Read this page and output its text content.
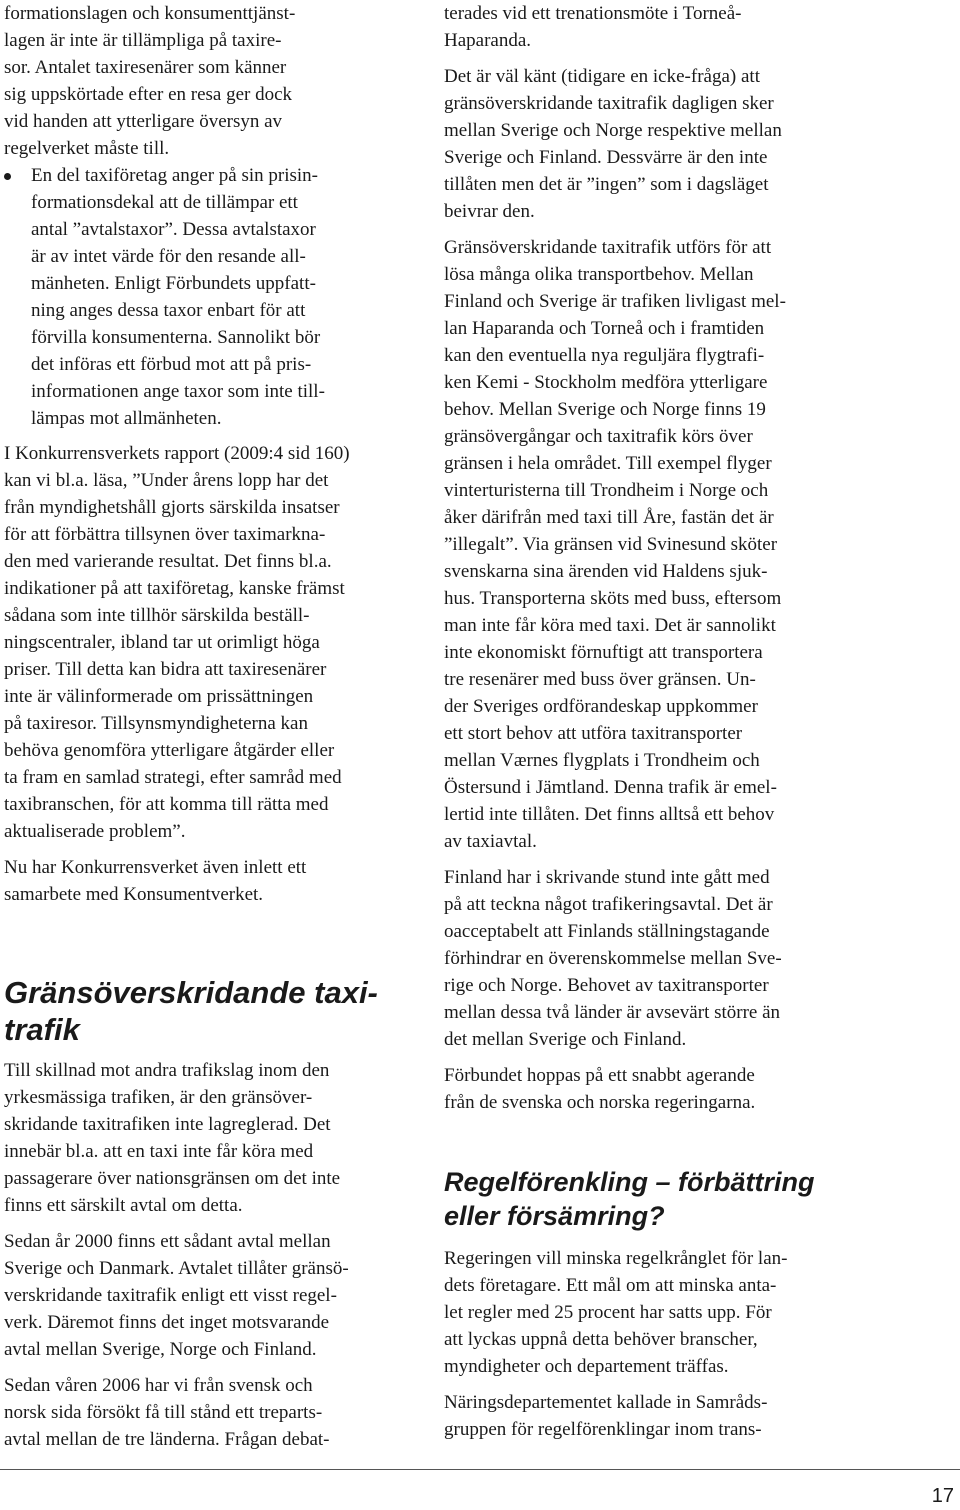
formationslagen och konsumenttjänst-
lagen är inte är tillämpliga på taxire-
sor. Antalet taxiresenärer som känner
sig uppskörtade efter en resa ger dock
vid handen att ytterligare översyn av
regelverket måste till.

En del taxiföretag anger på sin prisin-
formationsdekal att de tillämpar ett
antal ”avtalstaxor”. Dessa avtalstaxor
är av intet värde för den resande all-
mänheten. Enligt Förbundets uppfatt-
ning anges dessa taxor enbart för att
förvilla konsumenterna. Sannolikt bör
det införas ett förbud mot att på pris-
informationen ange taxor som inte till-
lämpas mot allmänheten.

I Konkurrensverkets rapport (2009:4 sid 160)
kan vi bl.a. läsa, ”Under årens lopp har det
från myndighetshåll gjorts särskilda insatser
för att förbättra tillsynen över taximarkna-
den med varierande resultat. Det finns bl.a.
indikationer på att taxiföretag, kanske främst
sådana som inte tillhör särskilda beställ-
ningscentraler, ibland tar ut orimligt höga
priser. Till detta kan bidra att taxiresenärer
inte är välinformerade om prissättningen
på taxiresor. Tillsynsmyndigheterna kan
behöva genomföra ytterligare åtgärder eller
ta fram en samlad strategi, efter samråd med
taxibranschen, för att komma till rätta med
aktualiserade problem”.

Nu har Konkurrensverket även inlett ett
samarbete med Konsumentverket.

Gränsöverskridande taxi-
trafik

Till skillnad mot andra trafikslag inom den
yrkesmässiga trafiken, är den gränsöver-
skridande taxitrafiken inte lagreglerad. Det
innebär bl.a. att en taxi inte får köra med
passagerare över nationsgränsen om det inte
finns ett särskilt avtal om detta.

Sedan år 2000 finns ett sådant avtal mellan
Sverige och Danmark. Avtalet tillåter gränsö-
verskridande taxitrafik enligt ett visst regel-
verk. Däremot finns det inget motsvarande
avtal mellan Sverige, Norge och Finland.

Sedan våren 2006 har vi från svensk och
norsk sida försökt få till stånd ett treparts-
avtal mellan de tre länderna. Frågan debat-

terades vid ett trenationsmöte i Torneå-
Haparanda.

Det är väl känt (tidigare en icke-fråga) att
gränsöverskridande taxitrafik dagligen sker
mellan Sverige och Norge respektive mellan
Sverige och Finland. Dessvärre är den inte
tillåten men det är ”ingen” som i dagsläget
beivrar den.

Gränsöverskridande taxitrafik utförs för att
lösa många olika transportbehov. Mellan
Finland och Sverige är trafiken livligast mel-
lan Haparanda och Torneå och i framtiden
kan den eventuella nya reguljära flygtrafi-
ken Kemi - Stockholm medföra ytterligare
behov. Mellan Sverige och Norge finns 19
gränsövergångar och taxitrafik körs över
gränsen i hela området. Till exempel flyger
vinterturisterna till Trondheim i Norge och
åker därifrån med taxi till Åre, fastän det är
”illegalt”. Via gränsen vid Svinesund sköter
svenskarna sina ärenden vid Haldens sjuk-
hus. Transporterna sköts med buss, eftersom
man inte får köra med taxi. Det är sannolikt
inte ekonomiskt förnuftigt att transportera
tre resenärer med buss över gränsen. Un-
der Sveriges ordförandeskap uppkommer
ett stort behov att utföra taxitransporter
mellan Værnes flygplats i Trondheim och
Östersund i Jämtland. Denna trafik är emel-
lertid inte tillåten. Det finns alltså ett behov
av taxiavtal.

Finland har i skrivande stund inte gått med
på att teckna något trafikeringsavtal. Det är
oacceptabelt att Finlands ställningstagande
förhindrar en överenskommelse mellan Sve-
rige och Norge. Behovet av taxitransporter
mellan dessa två länder är avsevärt större än
det mellan Sverige och Finland.

Förbundet hoppas på ett snabbt agerande
från de svenska och norska regeringarna.

Regelförenkling – förbättring
eller försämring?

Regeringen vill minska regelkrånglet för lan-
dets företagare. Ett mål om att minska anta-
let regler med 25 procent har satts upp. För
att lyckas uppnå detta behöver branscher,
myndigheter och departement träffas.

Näringsdepartementet kallade in Samråds-
gruppen för regelförenklingar inom trans-

17
